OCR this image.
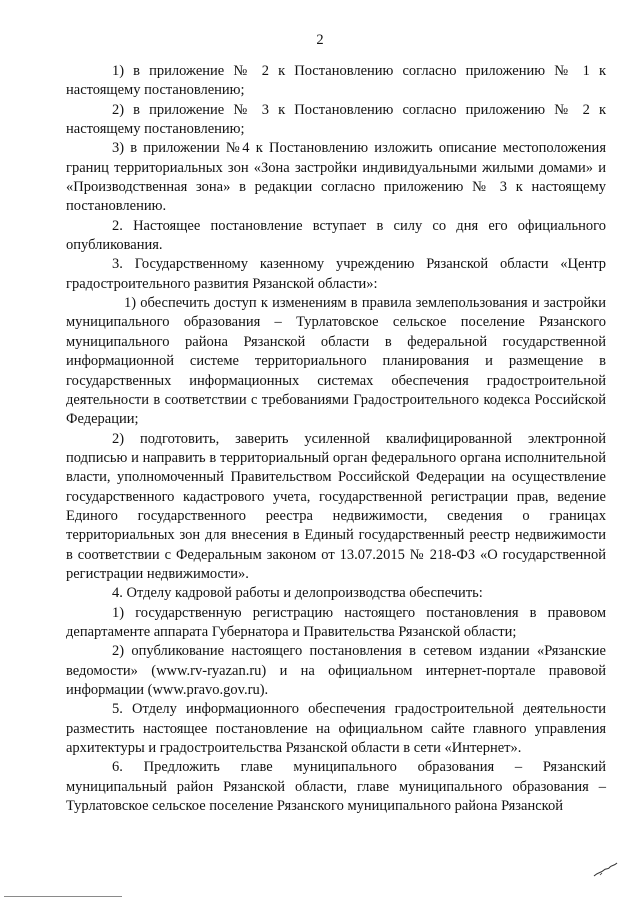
2

1) в приложение № 2 к Постановлению согласно приложению № 1 к настоящему постановлению;

2) в приложение № 3 к Постановлению согласно приложению № 2 к настоящему постановлению;

3) в приложении №4 к Постановлению изложить описание местоположения границ территориальных зон «Зона застройки индивидуальными жилыми домами» и «Производственная зона» в редакции согласно приложению № 3 к настоящему постановлению.

2. Настоящее постановление вступает в силу со дня его официального опубликования.

3. Государственному казенному учреждению Рязанской области «Центр градостроительного развития Рязанской области»:

1) обеспечить доступ к изменениям в правила землепользования и застройки муниципального образования – Турлатовское сельское поселение Рязанского муниципального района Рязанской области в федеральной государственной информационной системе территориального планирования и размещение в государственных информационных системах обеспечения градостроительной деятельности в соответствии с требованиями Градостроительного кодекса Российской Федерации;

2) подготовить, заверить усиленной квалифицированной электронной подписью и направить в территориальный орган федерального органа исполнительной власти, уполномоченный Правительством Российской Федерации на осуществление государственного кадастрового учета, государственной регистрации прав, ведение Единого государственного реестра недвижимости, сведения о границах территориальных зон для внесения в Единый государственный реестр недвижимости в соответствии с Федеральным законом от 13.07.2015 № 218-ФЗ «О государственной регистрации недвижимости».

4. Отделу кадровой работы и делопроизводства обеспечить:

1) государственную регистрацию настоящего постановления в правовом департаменте аппарата Губернатора и Правительства Рязанской области;

2) опубликование настоящего постановления в сетевом издании «Рязанские ведомости» (www.rv-ryazan.ru) и на официальном интернет-портале правовой информации (www.pravo.gov.ru).

5. Отделу информационного обеспечения градостроительной деятельности разместить настоящее постановление на официальном сайте главного управления архитектуры и градостроительства Рязанской области в сети «Интернет».

6. Предложить главе муниципального образования – Рязанский муниципальный район Рязанской области, главе муниципального образования – Турлатовское сельское поселение Рязанского муниципального района Рязанской
